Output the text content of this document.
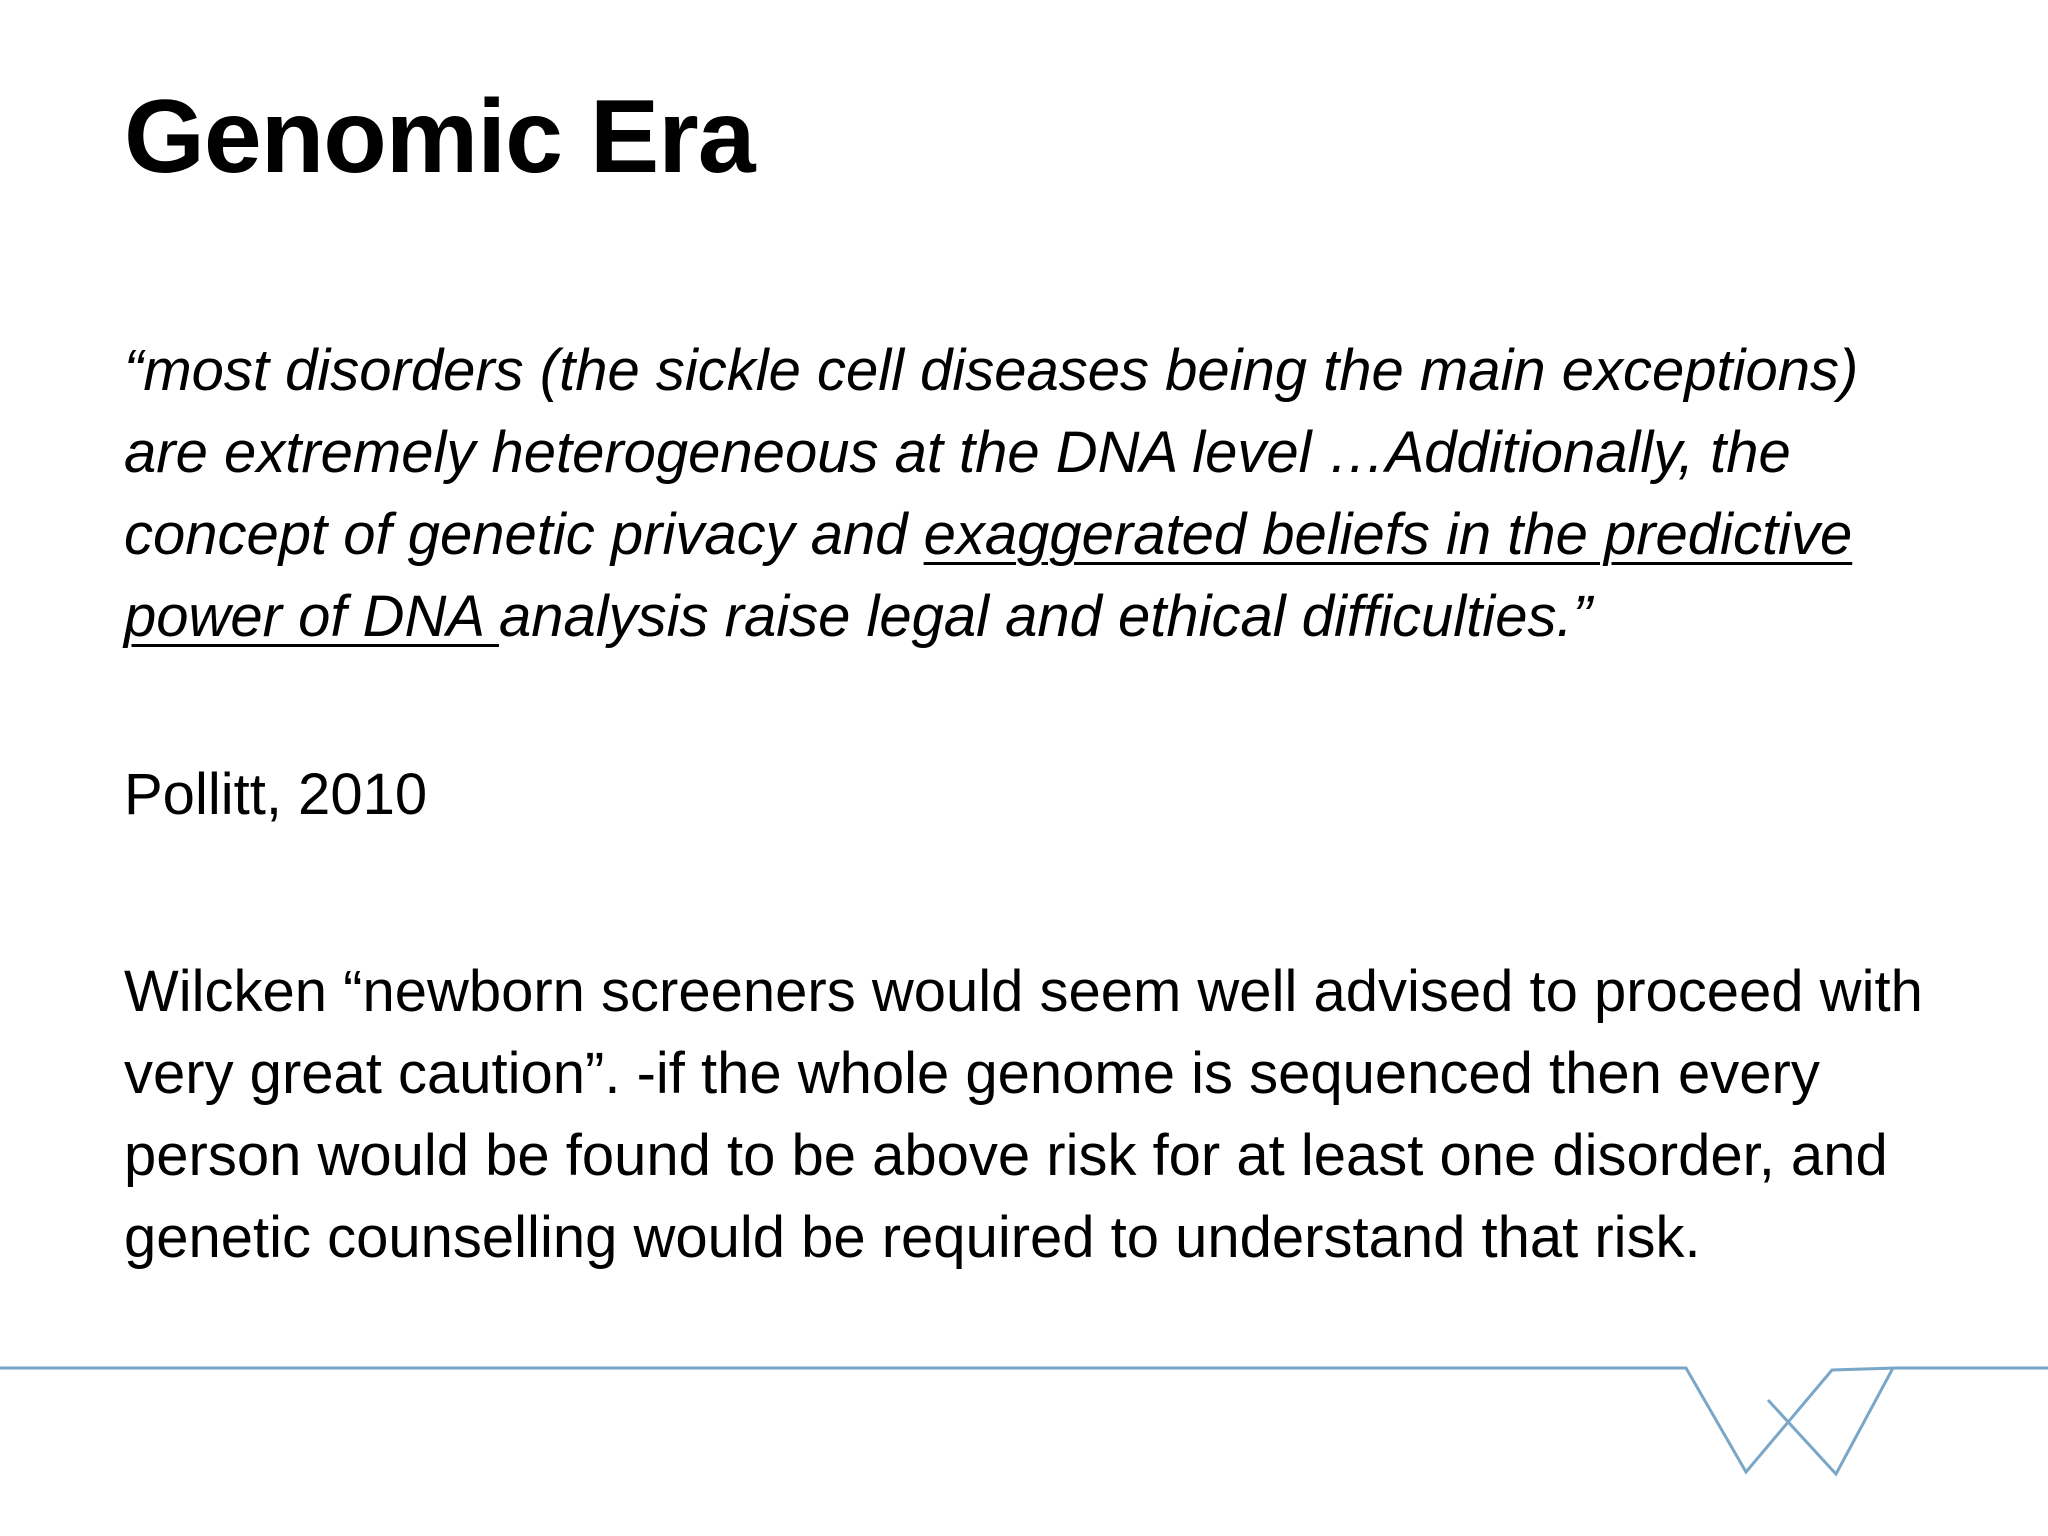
Genomic Era

“most disorders (the sickle cell diseases being the main exceptions) are extremely heterogeneous at the DNA level …Additionally, the concept of genetic privacy and exaggerated beliefs in the predictive power of DNA analysis raise legal and ethical difficulties.”

Pollitt, 2010

Wilcken “newborn screeners would seem well advised to proceed with very great caution”. -if the whole genome is sequenced then every person would be found to be above risk for at least one disorder, and genetic counselling would be required to understand that risk.
